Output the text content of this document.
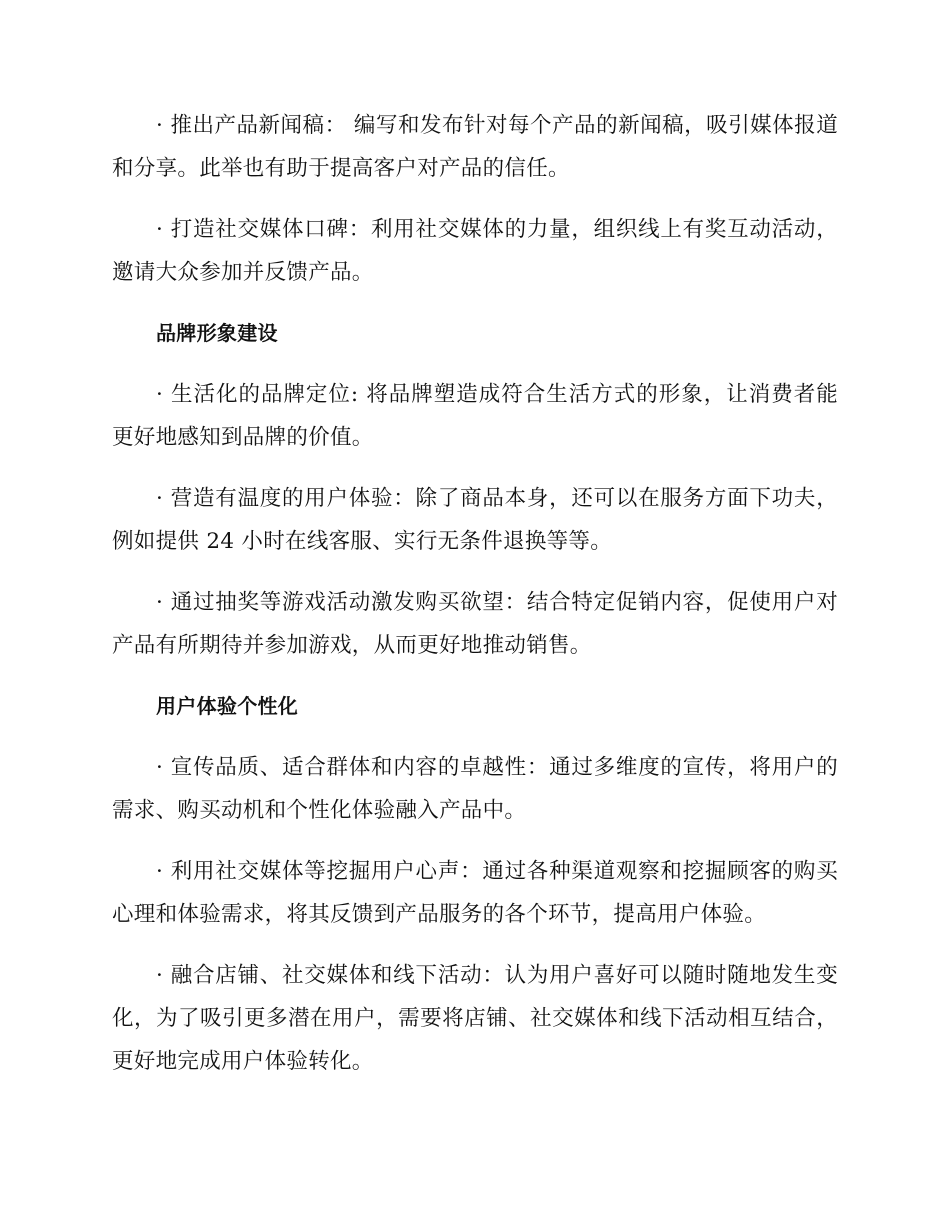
· 推出产品新闻稿： 编写和发布针对每个产品的新闻稿，吸引媒体报道和分享。此举也有助于提高客户对产品的信任。

· 打造社交媒体口碑：利用社交媒体的力量，组织线上有奖互动活动，邀请大众参加并反馈产品。

品牌形象建设

· 生活化的品牌定位: 将品牌塑造成符合生活方式的形象，让消费者能更好地感知到品牌的价值。

· 营造有温度的用户体验：除了商品本身，还可以在服务方面下功夫，例如提供 24 小时在线客服、实行无条件退换等等。

· 通过抽奖等游戏活动激发购买欲望：结合特定促销内容，促使用户对产品有所期待并参加游戏，从而更好地推动销售。

用户体验个性化

· 宣传品质、适合群体和内容的卓越性：通过多维度的宣传，将用户的需求、购买动机和个性化体验融入产品中。

· 利用社交媒体等挖掘用户心声：通过各种渠道观察和挖掘顾客的购买心理和体验需求，将其反馈到产品服务的各个环节，提高用户体验。

· 融合店铺、社交媒体和线下活动：认为用户喜好可以随时随地发生变化，为了吸引更多潜在用户，需要将店铺、社交媒体和线下活动相互结合，更好地完成用户体验转化。
